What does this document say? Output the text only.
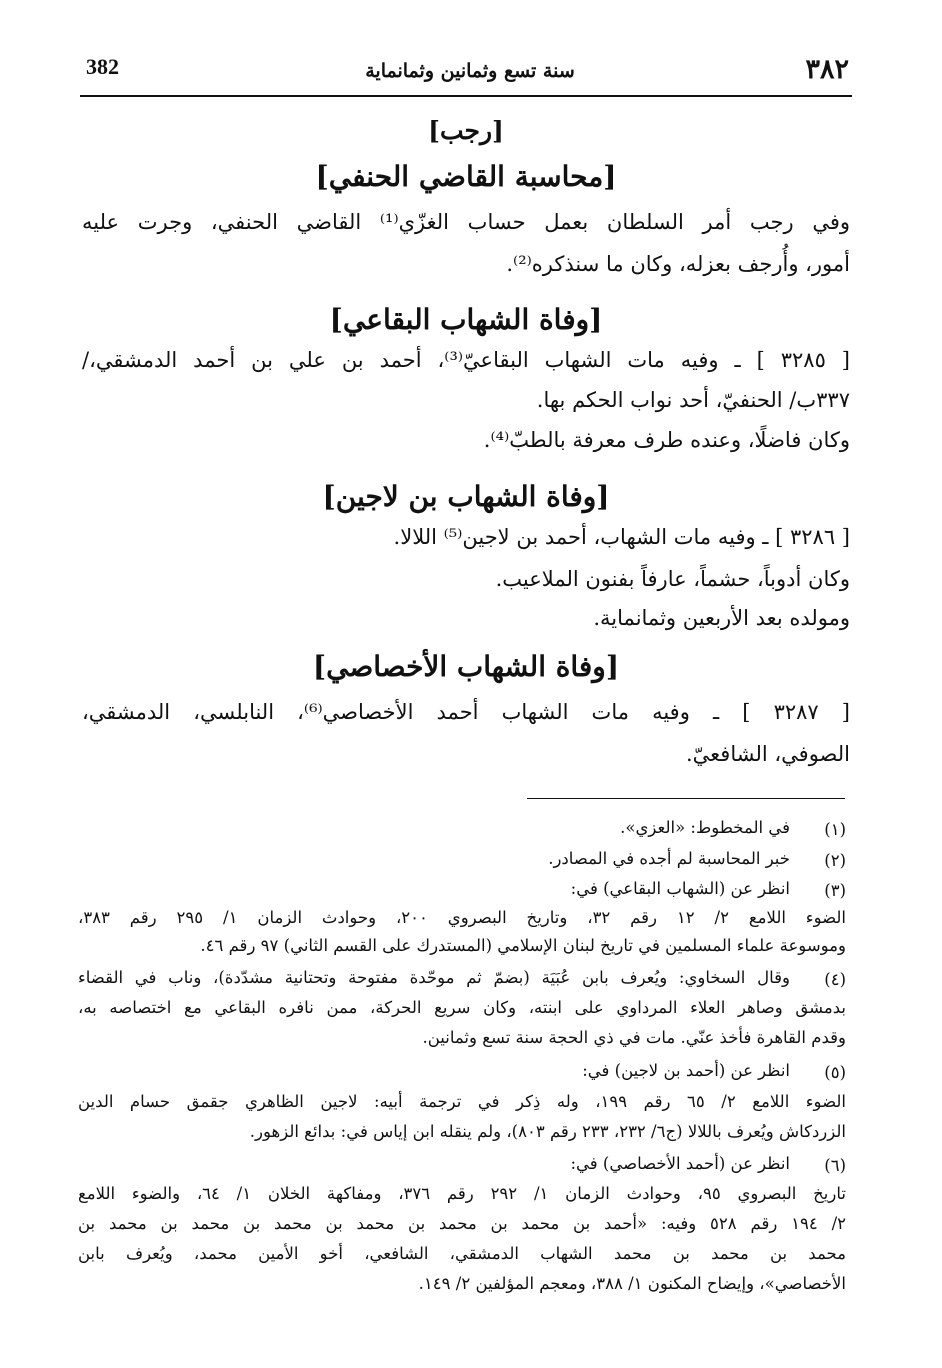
٣٨٢
سنة تسع وثمانين وثمانماية
382
[رجب]
[محاسبة القاضي الحنفي]
وفي رجب أمر السلطان بعمل حساب الغزّي⁽¹⁾ القاضي الحنفي، وجرت عليه
أمور، وأُرجف بعزله، وكان ما سنذكره⁽²⁾.
[وفاة الشهاب البقاعي]
[ ٣٢٨٥ ] ـ وفيه مات الشهاب البقاعيّ⁽³⁾، أحمد بن علي بن أحمد الدمشقي،/
٣٣٧ب/ الحنفيّ، أحد نواب الحكم بها.
وكان فاضلًا، وعنده طرف معرفة بالطبّ⁽⁴⁾.
[وفاة الشهاب بن لاجين]
[ ٣٢٨٦ ] ـ وفيه مات الشهاب، أحمد بن لاجين⁽⁵⁾ اللالا.
وكان أدوباً، حشماً، عارفاً بفنون الملاعيب.
ومولده بعد الأربعين وثمانماية.
[وفاة الشهاب الأخصاصي]
[ ٣٢٨٧ ] ـ وفيه مات الشهاب أحمد الأخصاصي⁽⁶⁾، النابلسي، الدمشقي،
الصوفي، الشافعيّ.
(١)
في المخطوط: «العزي».
(٢)
خبر المحاسبة لم أجده في المصادر.
(٣)
انظر عن (الشهاب البقاعي) في:
الضوء اللامع ٢/ ١٢ رقم ٣٢، وتاريخ البصروي ٢٠٠، وحوادث الزمان ١/ ٢٩٥ رقم ٣٨٣،
وموسوعة علماء المسلمين في تاريخ لبنان الإسلامي (المستدرك على القسم الثاني) ٩٧ رقم ٤٦.
(٤)
وقال السخاوي: ويُعرف بابن عُبَيَة (بضمّ ثم موحّدة مفتوحة وتحتانية مشدّدة)، وناب في القضاء
بدمشق وصاهر العلاء المرداوي على ابنته، وكان سريع الحركة، ممن نافره البقاعي مع اختصاصه به،
وقدم القاهرة فأخذ عنّي. مات في ذي الحجة سنة تسع وثمانين.
(٥)
انظر عن (أحمد بن لاجين) في:
الضوء اللامع ٢/ ٦٥ رقم ١٩٩، وله ذِكر في ترجمة أبيه: لاجين الظاهري جقمق حسام الدين
الزردكاش ويُعرف باللالا (ج٦/ ٢٣٢، ٢٣٣ رقم ٨٠٣)، ولم ينقله ابن إياس في: بدائع الزهور.
(٦)
انظر عن (أحمد الأخصاصي) في:
تاريخ البصروي ٩٥، وحوادث الزمان ١/ ٢٩٢ رقم ٣٧٦، ومفاكهة الخلان ١/ ٦٤، والضوء اللامع
٢/ ١٩٤ رقم ٥٢٨ وفيه: «أحمد بن محمد بن محمد بن محمد بن محمد بن محمد بن محمد بن
محمد بن محمد بن محمد الشهاب الدمشقي، الشافعي، أخو الأمين محمد، ويُعرف بابن
الأخصاصي»، وإيضاح المكنون ١/ ٣٨٨، ومعجم المؤلفين ٢/ ١٤٩.
